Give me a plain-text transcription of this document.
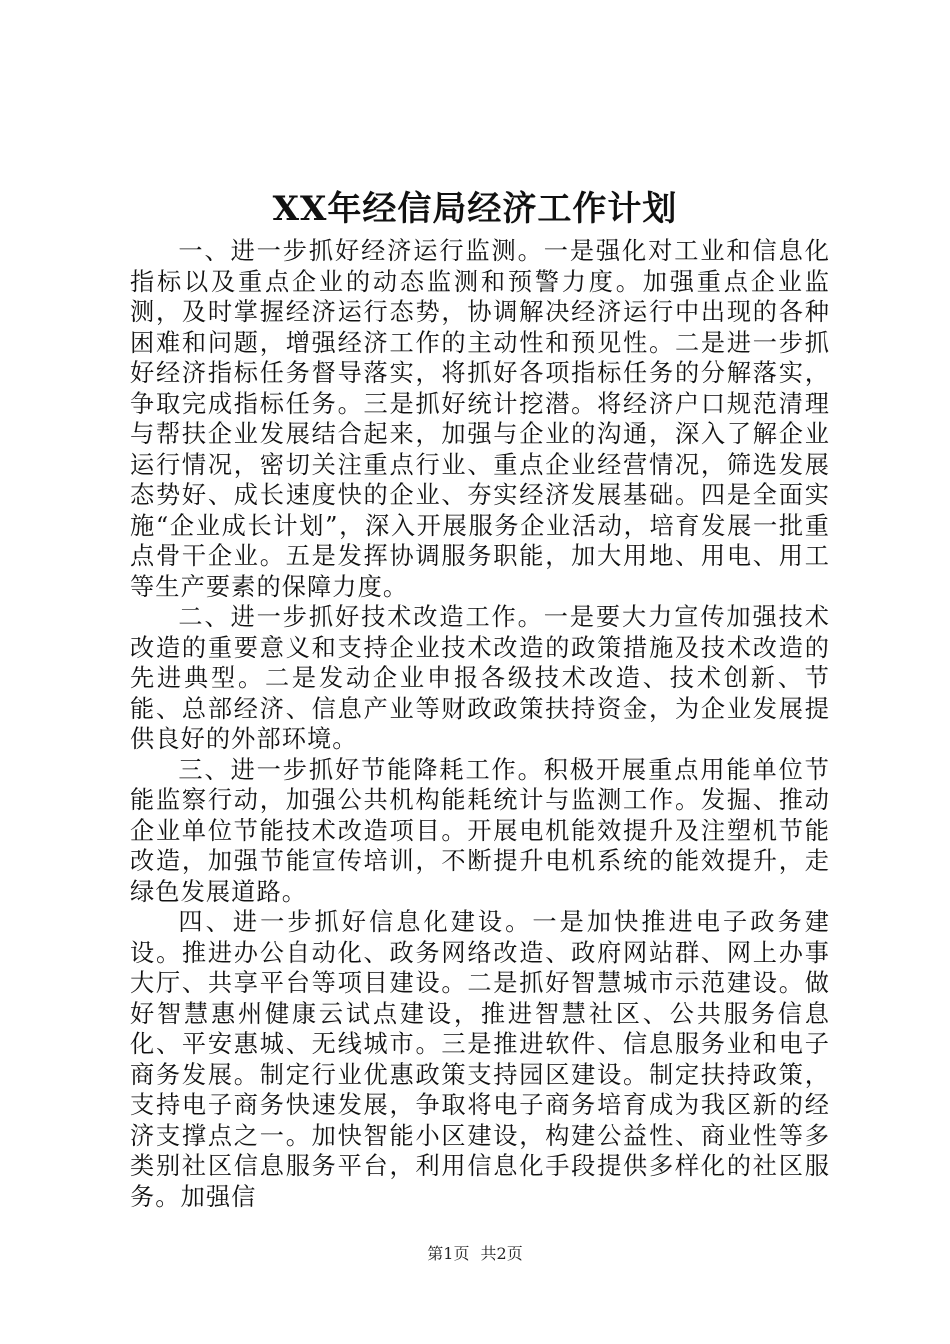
XX年经信局经济工作计划

一、进一步抓好经济运行监测。一是强化对工业和信息化指标以及重点企业的动态监测和预警力度。加强重点企业监测，及时掌握经济运行态势，协调解决经济运行中出现的各种困难和问题，增强经济工作的主动性和预见性。二是进一步抓好经济指标任务督导落实，将抓好各项指标任务的分解落实，争取完成指标任务。三是抓好统计挖潜。将经济户口规范清理与帮扶企业发展结合起来，加强与企业的沟通，深入了解企业运行情况，密切关注重点行业、重点企业经营情况，筛选发展态势好、成长速度快的企业、夯实经济发展基础。四是全面实施“企业成长计划”，深入开展服务企业活动，培育发展一批重点骨干企业。五是发挥协调服务职能，加大用地、用电、用工等生产要素的保障力度。

二、进一步抓好技术改造工作。一是要大力宣传加强技术改造的重要意义和支持企业技术改造的政策措施及技术改造的先进典型。二是发动企业申报各级技术改造、技术创新、节能、总部经济、信息产业等财政政策扶持资金，为企业发展提供良好的外部环境。

三、进一步抓好节能降耗工作。积极开展重点用能单位节能监察行动，加强公共机构能耗统计与监测工作。发掘、推动企业单位节能技术改造项目。开展电机能效提升及注塑机节能改造，加强节能宣传培训，不断提升电机系统的能效提升，走绿色发展道路。

四、进一步抓好信息化建设。一是加快推进电子政务建设。推进办公自动化、政务网络改造、政府网站群、网上办事大厅、共享平台等项目建设。二是抓好智慧城市示范建设。做好智慧惠州健康云试点建设，推进智慧社区、公共服务信息化、平安惠城、无线城市。三是推进软件、信息服务业和电子商务发展。制定行业优惠政策支持园区建设。制定扶持政策，支持电子商务快速发展，争取将电子商务培育成为我区新的经济支撑点之一。加快智能小区建设，构建公益性、商业性等多类别社区信息服务平台，利用信息化手段提供多样化的社区服务。加强信

第1页 共2页
